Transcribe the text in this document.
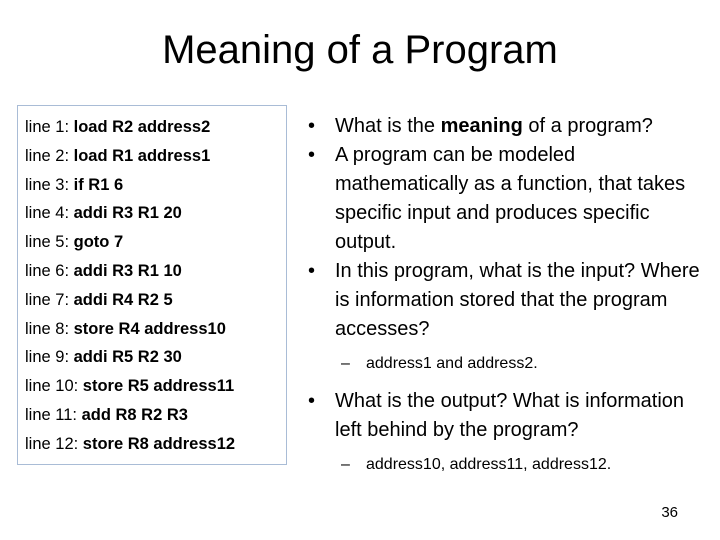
Meaning of a Program
line 1: load R2 address2
line 2: load R1 address1
line 3: if R1 6
line 4: addi R3 R1 20
line 5: goto 7
line 6: addi R3 R1 10
line 7: addi R4 R2 5
line 8: store R4 address10
line 9: addi R5 R2 30
line 10: store R5 address11
line 11: add R8 R2 R3
line 12: store R8 address12

• What is the meaning of a program?

• A program can be modeled mathematically as a function, that takes specific input and produces specific output.

• In this program, what is the input? Where is information stored that the program accesses?

– address1 and address2.

• What is the output? What is information left behind by the program?

– address10, address11, address12.

36
